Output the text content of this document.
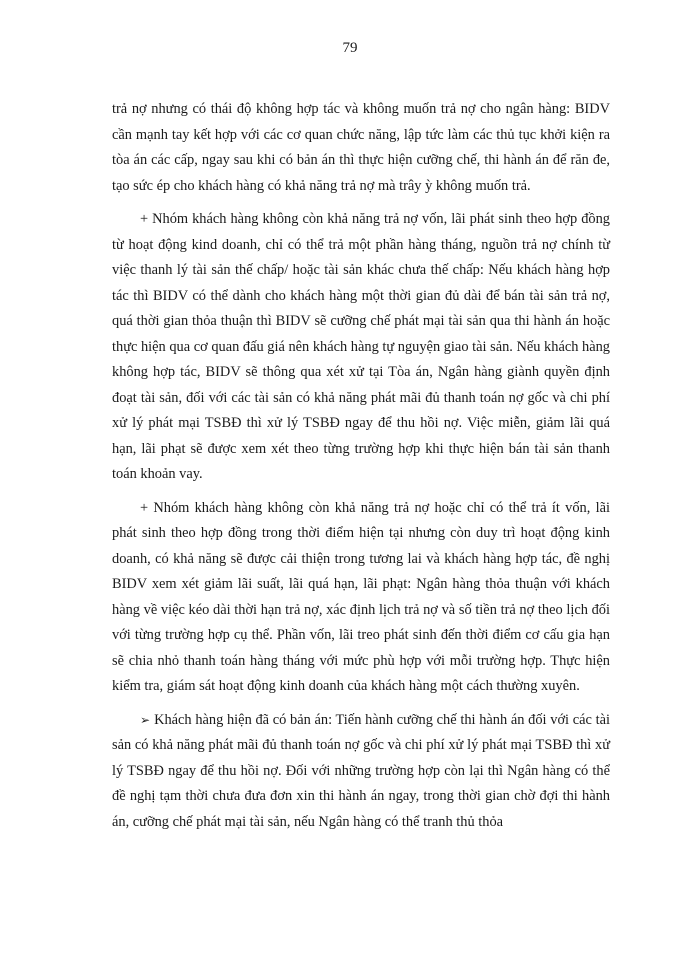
79

trả nợ nhưng có thái độ không hợp tác và không muốn trả nợ cho ngân hàng: BIDV cần mạnh tay kết hợp với các cơ quan chức năng, lập tức làm các thủ tục khởi kiện ra tòa án các cấp, ngay sau khi có bản án thì thực hiện cưỡng chế, thi hành án để răn đe, tạo sức ép cho khách hàng có khả năng trả nợ mà trây ỳ không muốn trả.

+ Nhóm khách hàng không còn khả năng trả nợ vốn, lãi phát sinh theo hợp đồng từ hoạt động kind doanh, chỉ có thể trả một phần hàng tháng, nguồn trả nợ chính từ việc thanh lý tài sản thế chấp/ hoặc tài sản khác chưa thế chấp: Nếu khách hàng hợp tác thì BIDV có thể dành cho khách hàng một thời gian đủ dài để bán tài sản trả nợ, quá thời gian thỏa thuận thì BIDV sẽ cưỡng chế phát mại tài sản qua thi hành án hoặc thực hiện qua cơ quan đấu giá nên khách hàng tự nguyện giao tài sản. Nếu khách hàng không hợp tác, BIDV sẽ thông qua xét xử tại Tòa án, Ngân hàng giành quyền định đoạt tài sản, đối với các tài sản có khả năng phát mãi đủ thanh toán nợ gốc và chi phí xử lý phát mại TSBĐ thì xử lý TSBĐ ngay để thu hồi nợ. Việc miễn, giảm lãi quá hạn, lãi phạt sẽ được xem xét theo từng trường hợp khi thực hiện bán tài sản thanh toán khoản vay.

+ Nhóm khách hàng không còn khả năng trả nợ hoặc chỉ có thể trả ít vốn, lãi phát sinh theo hợp đồng trong thời điểm hiện tại nhưng còn duy trì hoạt động kinh doanh, có khả năng sẽ được cải thiện trong tương lai và khách hàng hợp tác, đề nghị BIDV xem xét giảm lãi suất, lãi quá hạn, lãi phạt: Ngân hàng thỏa thuận với khách hàng về việc kéo dài thời hạn trả nợ, xác định lịch trả nợ và số tiền trả nợ theo lịch đối với từng trường hợp cụ thể. Phần vốn, lãi treo phát sinh đến thời điểm cơ cấu gia hạn sẽ chia nhỏ thanh toán hàng tháng với mức phù hợp với mỗi trường hợp. Thực hiện kiểm tra, giám sát hoạt động kinh doanh của khách hàng một cách thường xuyên.

➢ Khách hàng hiện đã có bản án: Tiến hành cưỡng chế thi hành án đối với các tài sản có khả năng phát mãi đủ thanh toán nợ gốc và chi phí xử lý phát mại TSBĐ thì xử lý TSBĐ ngay để thu hồi nợ. Đối với những trường hợp còn lại thì Ngân hàng có thể đề nghị tạm thời chưa đưa đơn xin thi hành án ngay, trong thời gian chờ đợi thi hành án, cưỡng chế phát mại tài sản, nếu Ngân hàng có thể tranh thủ thỏa
